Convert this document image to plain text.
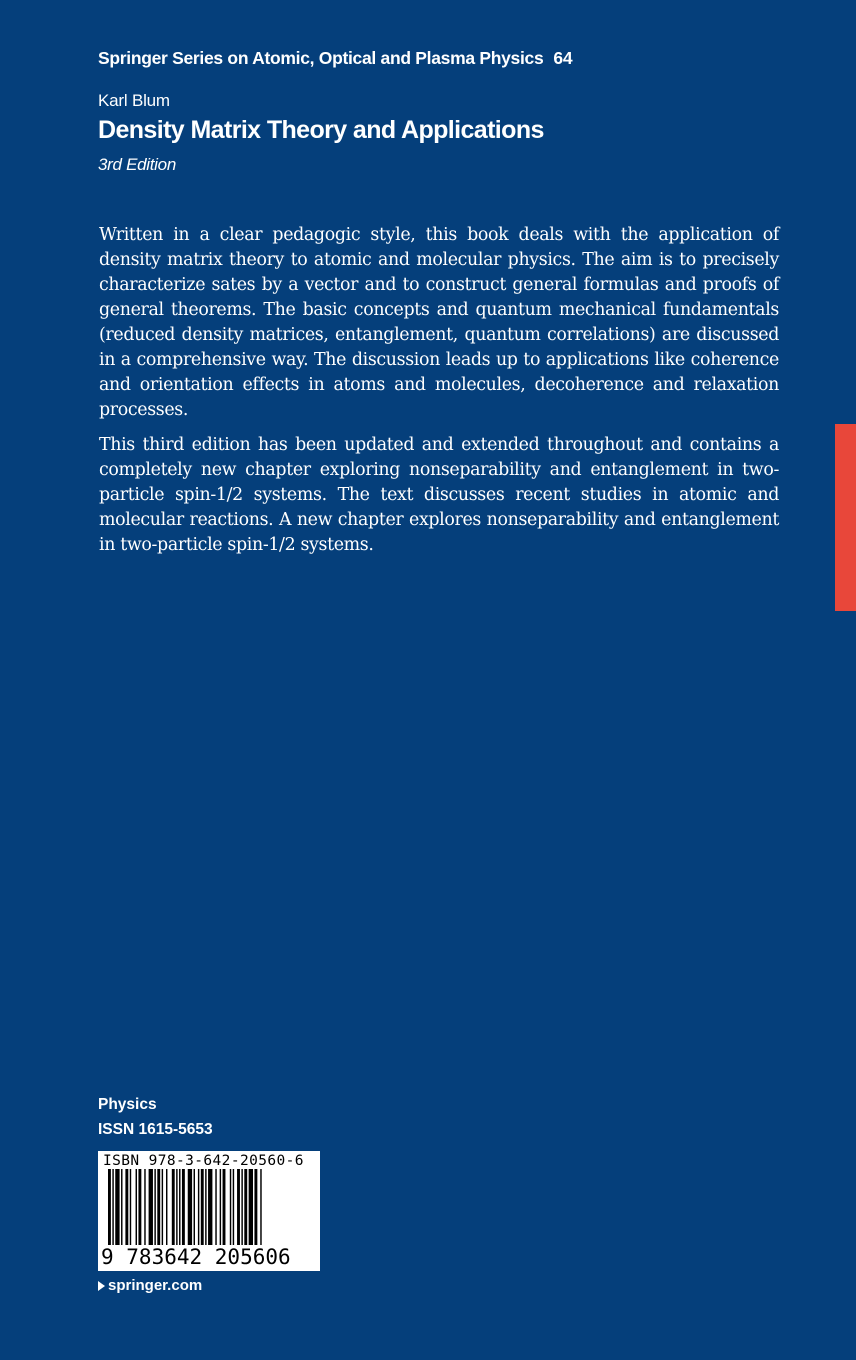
Springer Series on Atomic, Optical and Plasma Physics 64
Karl Blum
Density Matrix Theory and Applications
3rd Edition

Written in a clear pedagogic style, this book deals with the application of density matrix theory to atomic and molecular physics. The aim is to precisely characterize sates by a vector and to construct general formulas and proofs of general theorems. The basic concepts and quantum mechanical fundamentals (reduced density matrices, entanglement, quantum correlations) are discussed in a comprehensive way. The discussion leads up to applications like coherence and orientation effects in atoms and molecules, decoherence and relaxation processes.

This third edition has been updated and extended throughout and contains a completely new chapter exploring nonseparability and entanglement in two-particle spin-1/2 systems. The text discusses recent studies in atomic and molecular reactions. A new chapter explores nonseparability and entanglement in two-particle spin-1/2 systems.

Physics
ISSN 1615-5653
ISBN 978-3-642-20560-6
9 783642 205606
springer.com
